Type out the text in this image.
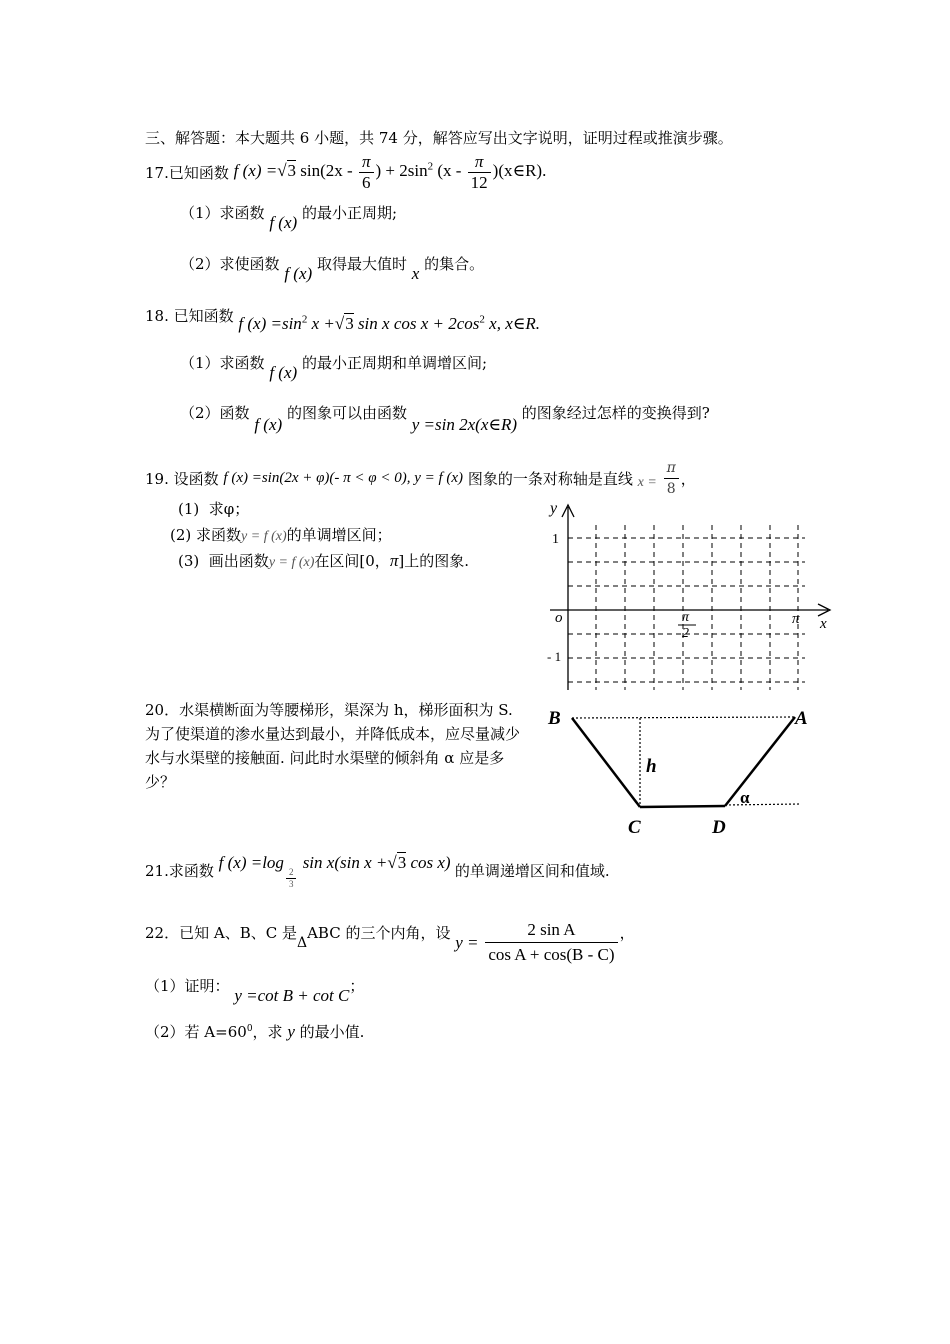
三、解答题：本大题共 6 小题，共 74 分，解答应写出文字说明，证明过程或推演步骤。
17.已知函数 f (x) =√3 $\sin(2x - \frac{\pi}{6}$ ) + $2\sin^2$ ($x - \frac{\pi}{12}$ )(x∈R).
（1）求函数 f (x) 的最小正周期;
（2）求使函数 f (x) 取得最大值时 x 的集合。
18. 已知函数 f $(x) =\sin^2$ x +√3 sin x $\cos x + 2\cos^2$ x, x∈R.
（1）求函数 f (x) 的最小正周期和单调增区间;
（2）函数 f (x) 的图象可以由函数 y =sin 2x(x∈R) 的图象经过怎样的变换得到?
19. 设函数 f (x) =sin(2x + φ)(- π < φ < 0), y = f (x) 图象的一条对称轴是直线 $x = \frac{\pi}{8}$ ，
(1) 求φ；
(2) 求函数y = f (x)的单调增区间；
(3) 画出函数y = f (x)在区间[0，π]上的图象.
y
x
o
1
- 1
π
2
π
20．水渠横断面为等腰梯形，渠深为 h，梯形面积为 S. 为了使渠道的渗水量达到最小，并降低成本，应尽量减少水与水渠壁的接触面. 问此时水渠壁的倾斜角 α 应是多少？
B	A
C	D
h
α
21.求函数 f (x) =log
$\frac{2}{3}$
sin x(sin x +√3 cos x) 的单调递增区间和值域.
22．已知 A、B、C 是ΔABC 的三个内角，设 $y = \frac{\text{2 sin A}}{\text{cos A + cos(B - C)}}$ ，
（1）证明： y =cot B + cot C；
（2）若 $A=60^0$，求 y 的最小值.
